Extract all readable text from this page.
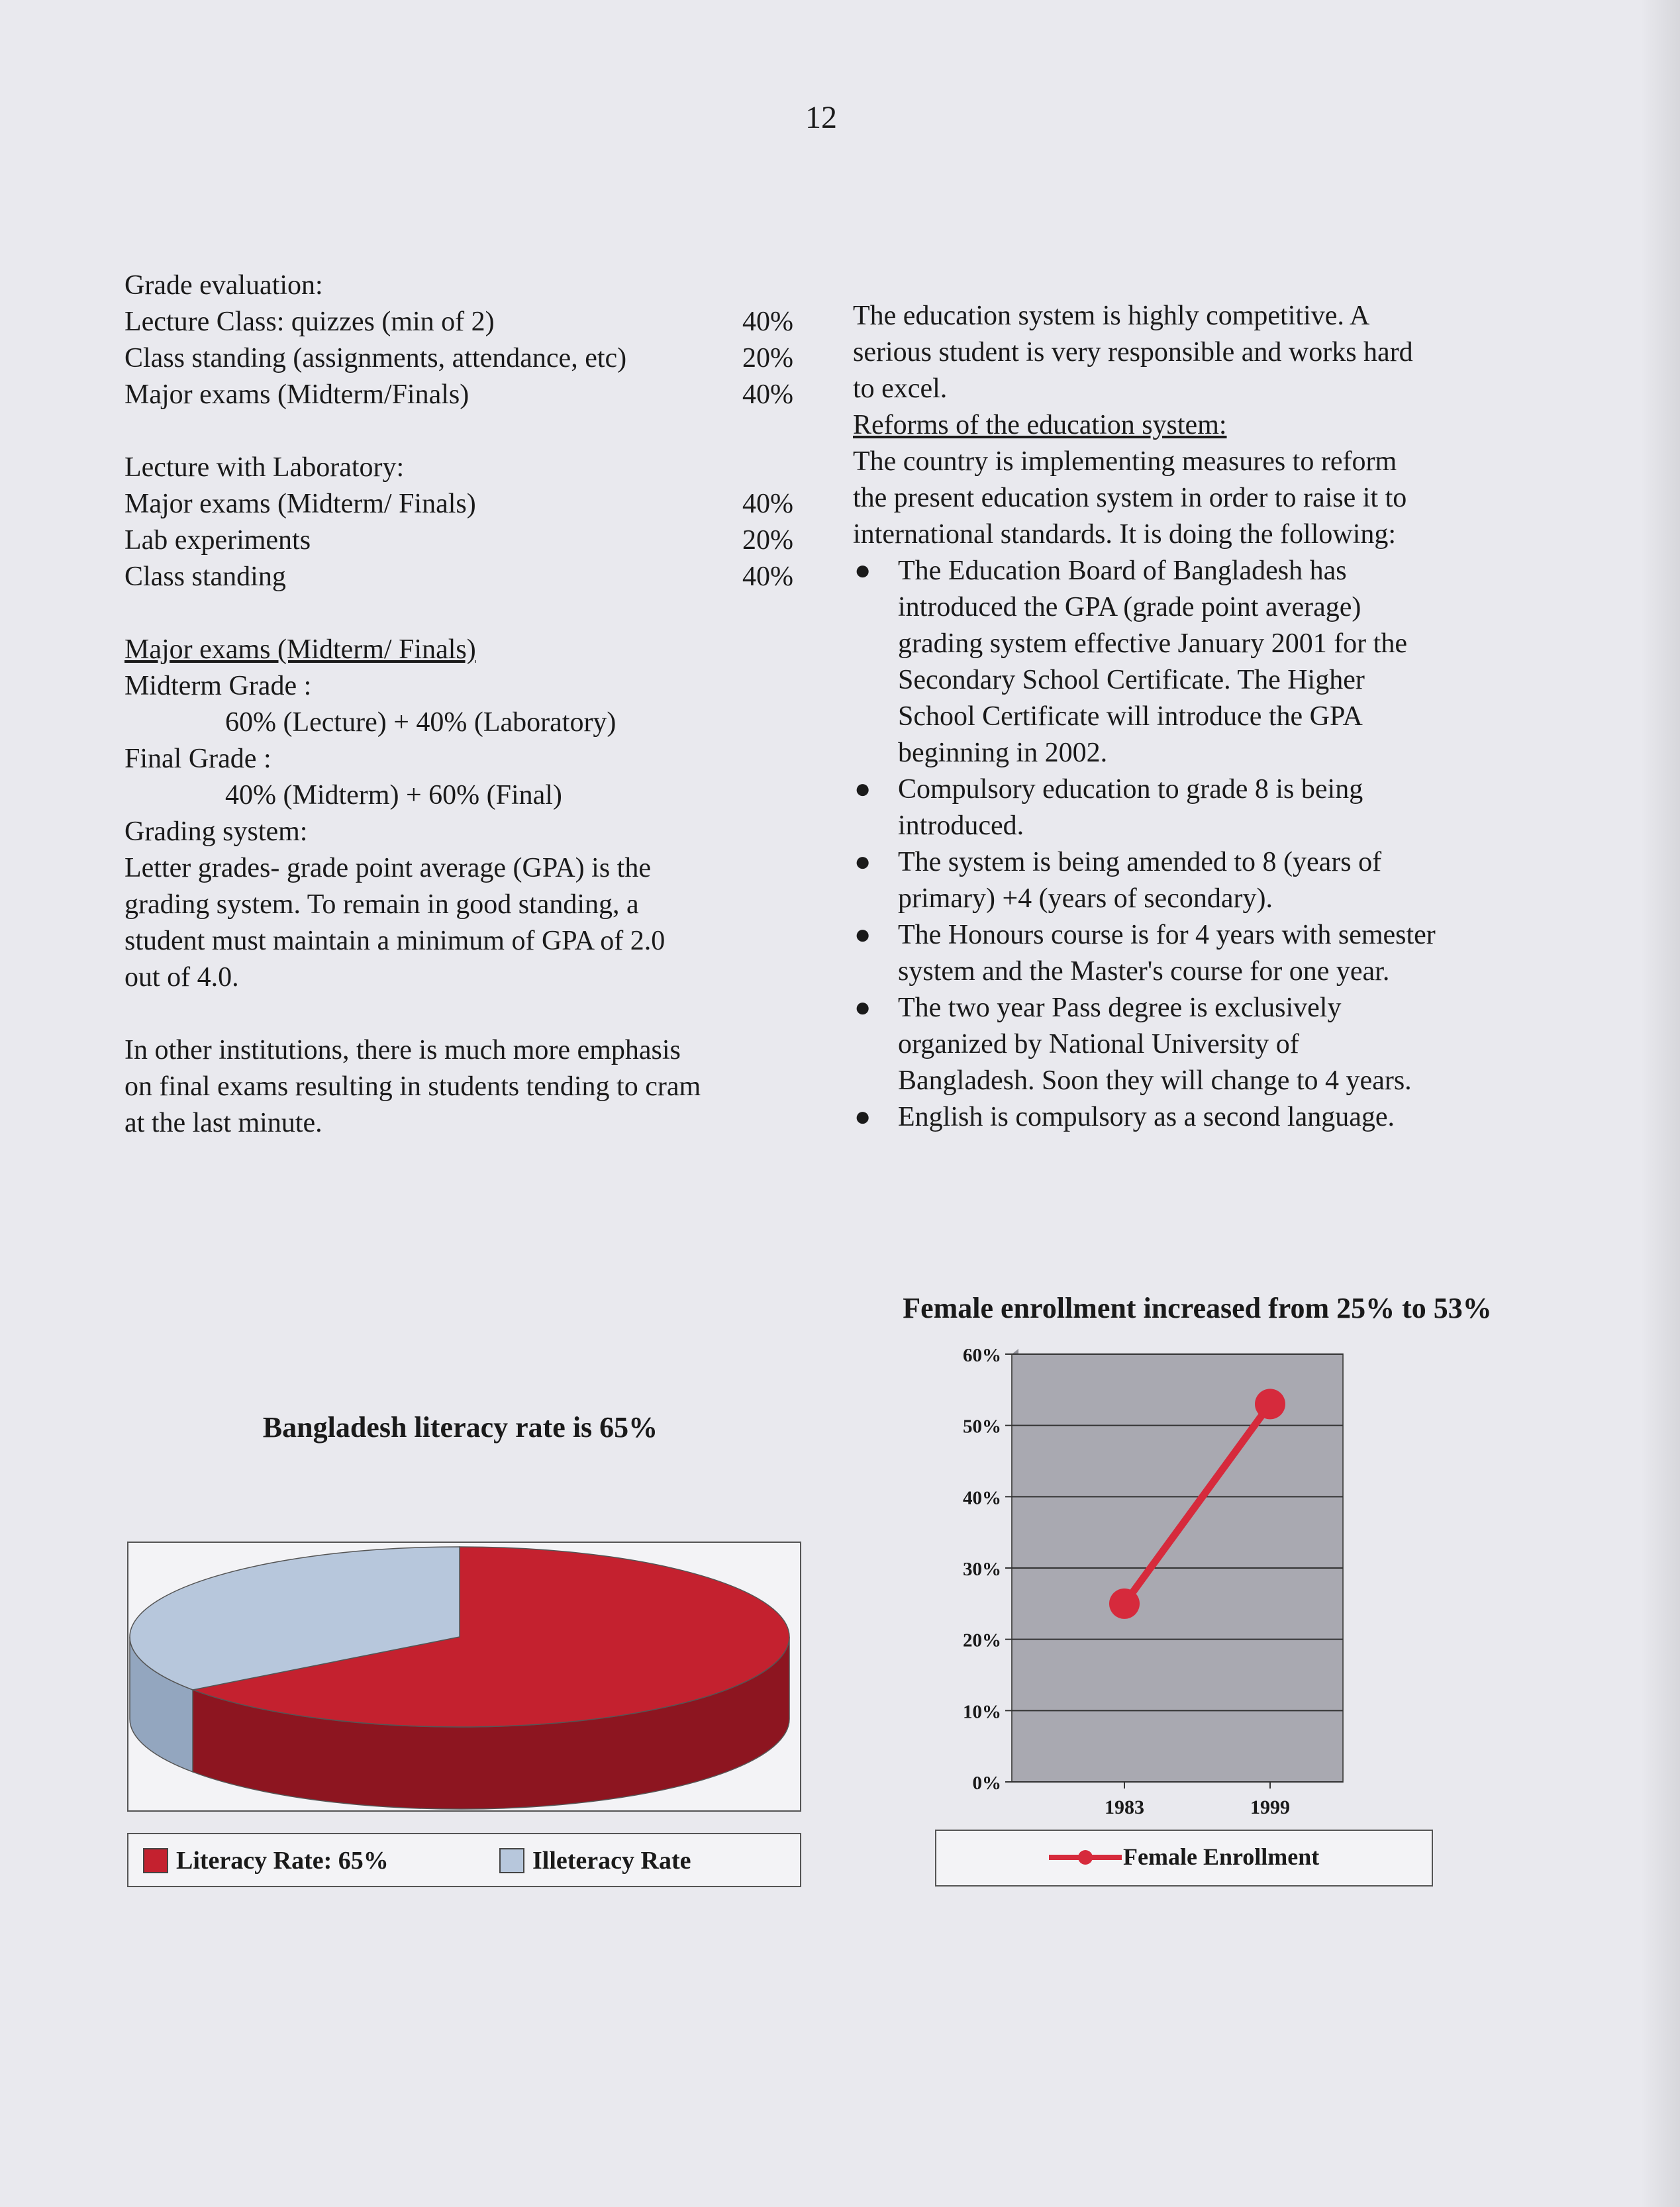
12
Grade evaluation:
Lecture Class: quizzes (min of 2)	40%
Class standing (assignments, attendance, etc)	20%
Major exams (Midterm/Finals)	40%
Lecture with Laboratory:
Major exams (Midterm/ Finals)	40%
Lab experiments	20%
Class standing	40%
Major exams (Midterm/ Finals)
Midterm Grade :
60% (Lecture) + 40% (Laboratory)
Final Grade :
40% (Midterm) + 60% (Final)
Grading system:
Letter grades- grade point average (GPA) is the
grading system. To remain in good standing, a
student must maintain a minimum of GPA of 2.0
out of 4.0.
In other institutions, there is much more emphasis
on final exams resulting in students tending to cram
at the last minute.
The education system is highly competitive. A
serious student is very responsible and works hard
to excel.
Reforms of the education system:
The country is implementing measures to reform
the present education system in order to raise it to
international standards. It is doing the following:
● The Education Board of Bangladesh has
introduced the GPA (grade point average)
grading system effective January 2001 for the
Secondary School Certificate. The Higher
School Certificate will introduce the GPA
beginning in 2002.
● Compulsory education to grade 8 is being
introduced.
● The system is being amended to 8 (years of
primary) +4 (years of secondary).
● The Honours course is for 4 years with semester
system and the Master's course for one year.
● The two year Pass degree is exclusively
organized by National University of
Bangladesh. Soon they will change to 4 years.
● English is compulsory as a second language.
Bangladesh literacy rate is 65%
Literacy Rate: 65%	Illeteracy Rate
Female enrollment increased from 25% to 53%
0%
10%
20%
30%
40%
50%
60%
1983	1999
Female Enrollment
